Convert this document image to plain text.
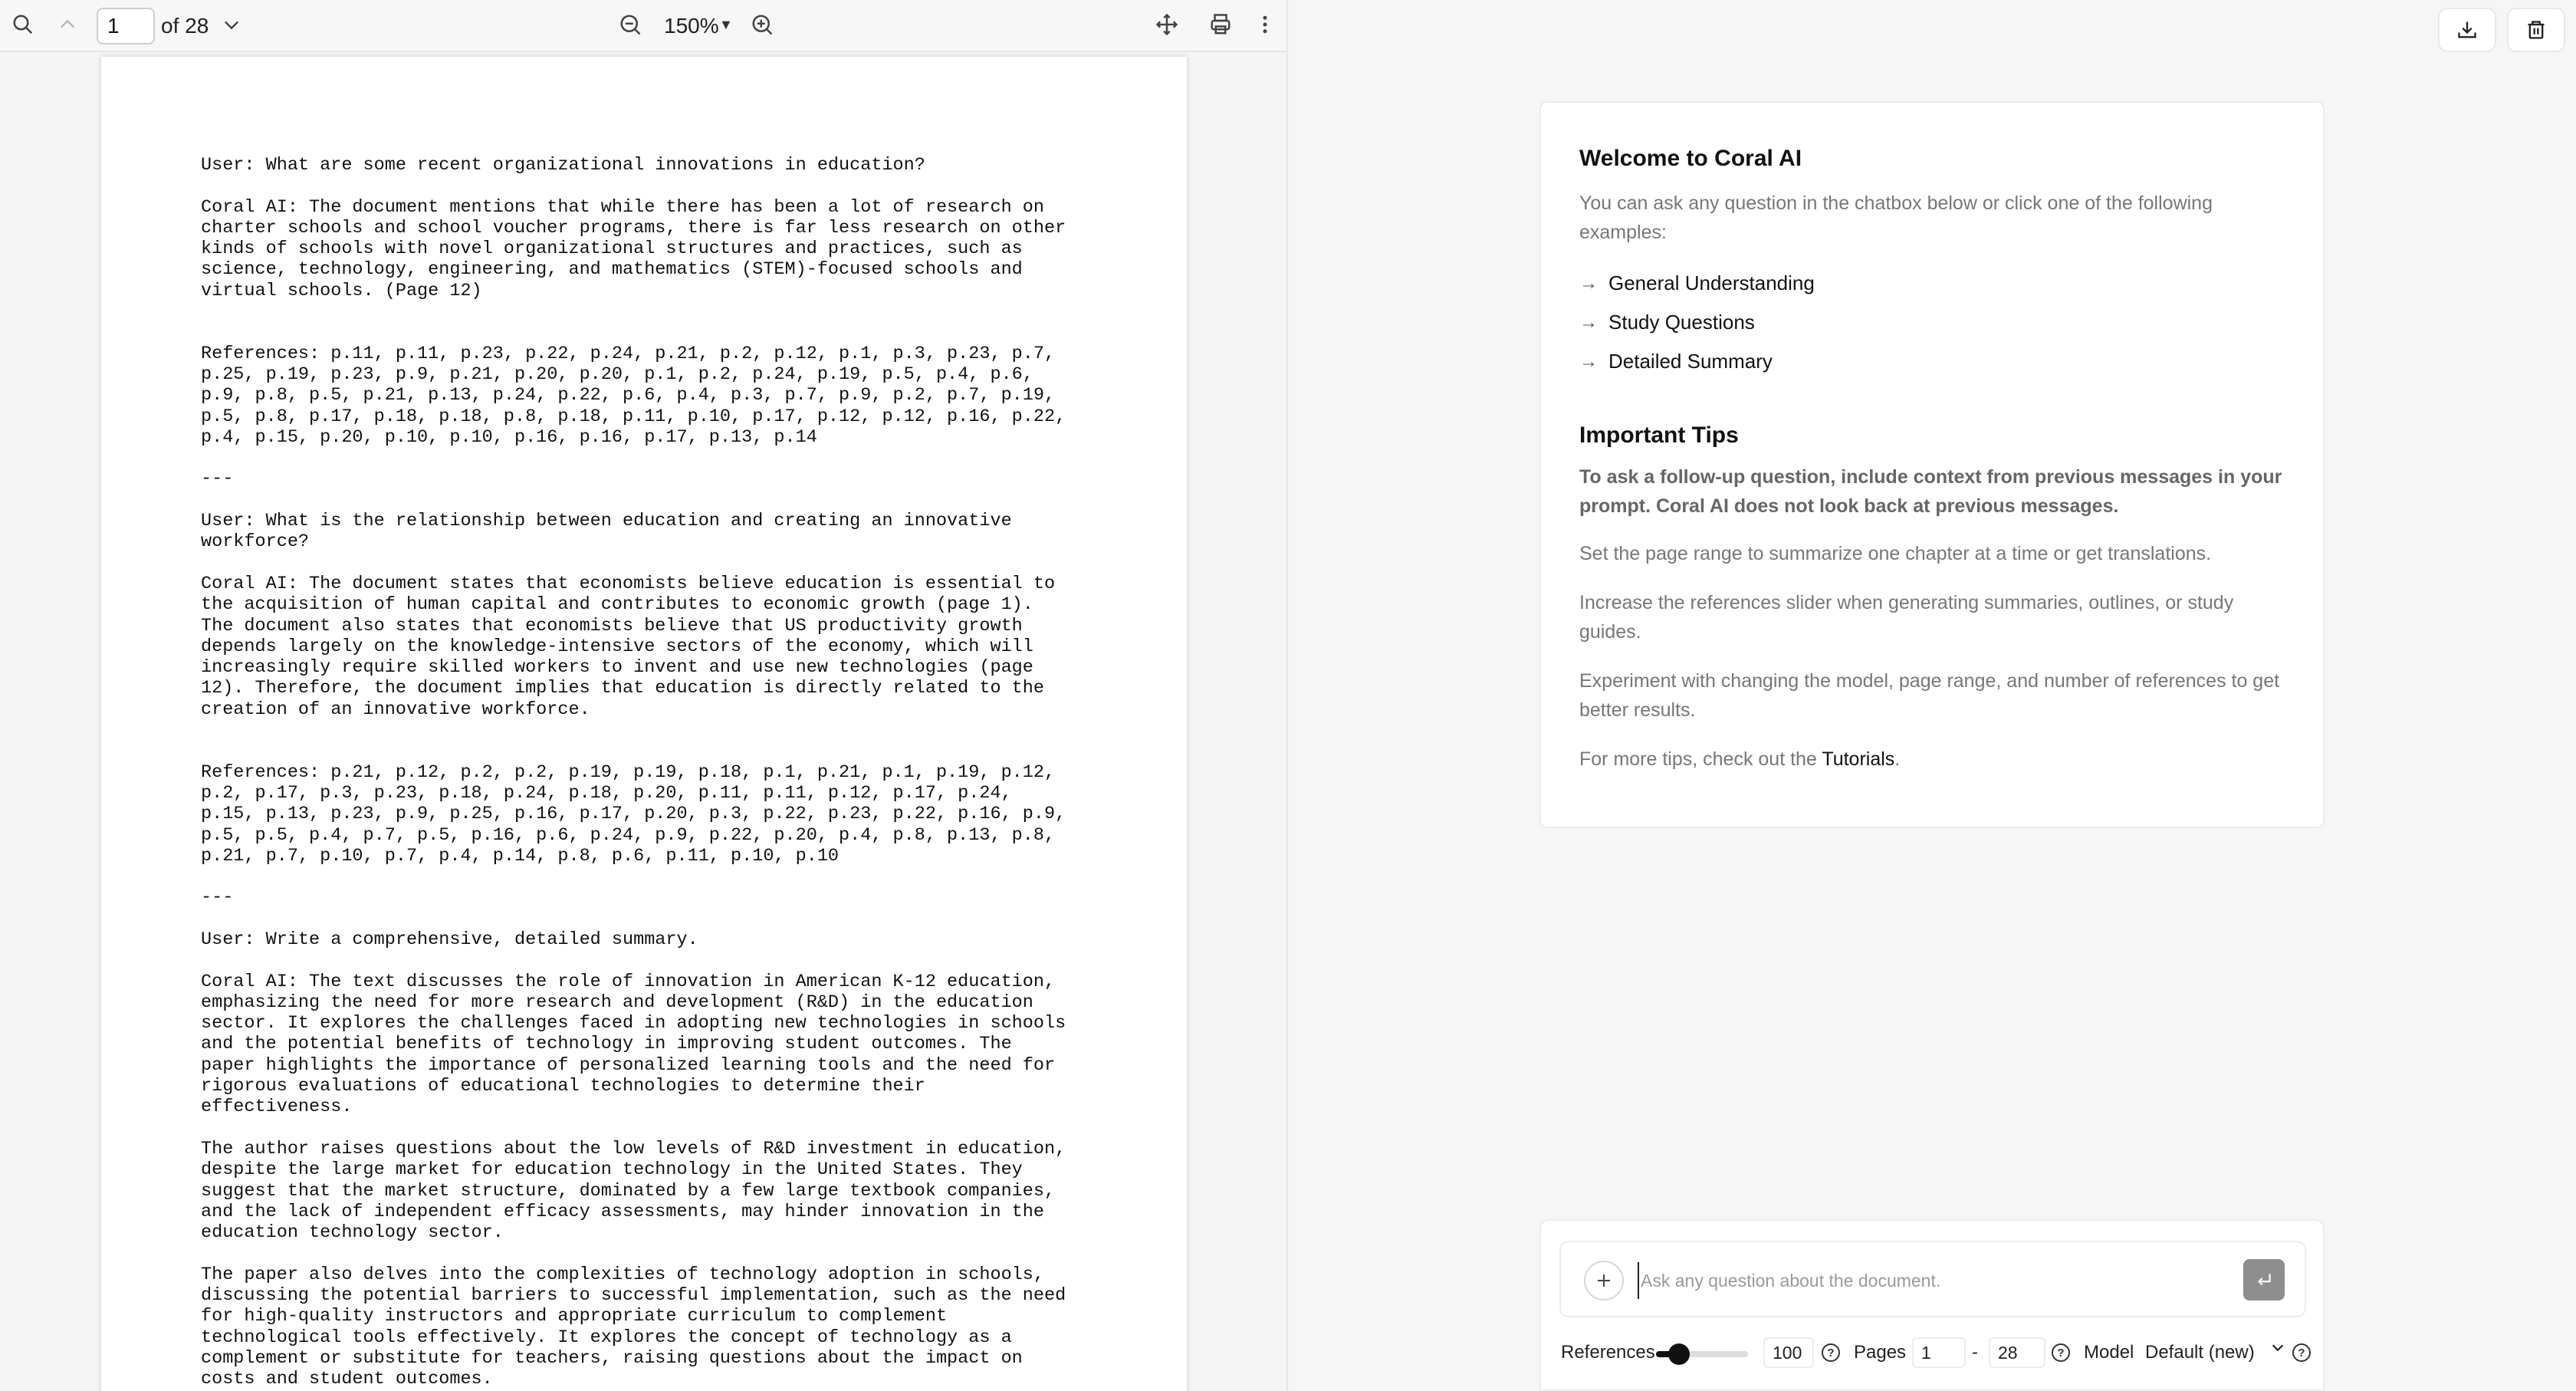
1
of 28	150% ▼

User: What are some recent organizational innovations in education?

Coral AI: The document mentions that while there has been a lot of research on
charter schools and school voucher programs, there is far less research on other
kinds of schools with novel organizational structures and practices, such as
science, technology, engineering, and mathematics (STEM)-focused schools and
virtual schools. (Page 12)

References: p.11, p.11, p.23, p.22, p.24, p.21, p.2, p.12, p.1, p.3, p.23, p.7,
p.25, p.19, p.23, p.9, p.21, p.20, p.20, p.1, p.2, p.24, p.19, p.5, p.4, p.6,
p.9, p.8, p.5, p.21, p.13, p.24, p.22, p.6, p.4, p.3, p.7, p.9, p.2, p.7, p.19,
p.5, p.8, p.17, p.18, p.18, p.8, p.18, p.11, p.10, p.17, p.12, p.12, p.16, p.22,
p.4, p.15, p.20, p.10, p.10, p.16, p.16, p.17, p.13, p.14

---

User: What is the relationship between education and creating an innovative
workforce?

Coral AI: The document states that economists believe education is essential to
the acquisition of human capital and contributes to economic growth (page 1).
The document also states that economists believe that US productivity growth
depends largely on the knowledge-intensive sectors of the economy, which will
increasingly require skilled workers to invent and use new technologies (page
12). Therefore, the document implies that education is directly related to the
creation of an innovative workforce.

References: p.21, p.12, p.2, p.2, p.19, p.19, p.18, p.1, p.21, p.1, p.19, p.12,
p.2, p.17, p.3, p.23, p.18, p.24, p.18, p.20, p.11, p.11, p.12, p.17, p.24,
p.15, p.13, p.23, p.9, p.25, p.16, p.17, p.20, p.3, p.22, p.23, p.22, p.16, p.9,
p.5, p.5, p.4, p.7, p.5, p.16, p.6, p.24, p.9, p.22, p.20, p.4, p.8, p.13, p.8,
p.21, p.7, p.10, p.7, p.4, p.14, p.8, p.6, p.11, p.10, p.10

---

User: Write a comprehensive, detailed summary.

Coral AI: The text discusses the role of innovation in American K-12 education,
emphasizing the need for more research and development (R&D) in the education
sector. It explores the challenges faced in adopting new technologies in schools
and the potential benefits of technology in improving student outcomes. The
paper highlights the importance of personalized learning tools and the need for
rigorous evaluations of educational technologies to determine their
effectiveness.

The author raises questions about the low levels of R&D investment in education,
despite the large market for education technology in the United States. They
suggest that the market structure, dominated by a few large textbook companies,
and the lack of independent efficacy assessments, may hinder innovation in the
education technology sector.

The paper also delves into the complexities of technology adoption in schools,
discussing the potential barriers to successful implementation, such as the need
for high-quality instructors and appropriate curriculum to complement
technological tools effectively. It explores the concept of technology as a
complement or substitute for teachers, raising questions about the impact on
costs and student outcomes.

Welcome to Coral AI

You can ask any question in the chatbox below or click one of the following examples:

→ General Understanding
→ Study Questions
→ Detailed Summary
Important Tips

To ask a follow-up question, include context from previous messages in your prompt. Coral AI does not look back at previous messages.

Set the page range to summarize one chapter at a time or get translations.

Increase the references slider when generating summaries, outlines, or study guides.

Experiment with changing the model, page range, and number of references to get better results.

For more tips, check out the Tutorials.

Ask any question about the document.
References
100	?	Pages
1	-
28	?	Model Default (new)	?
